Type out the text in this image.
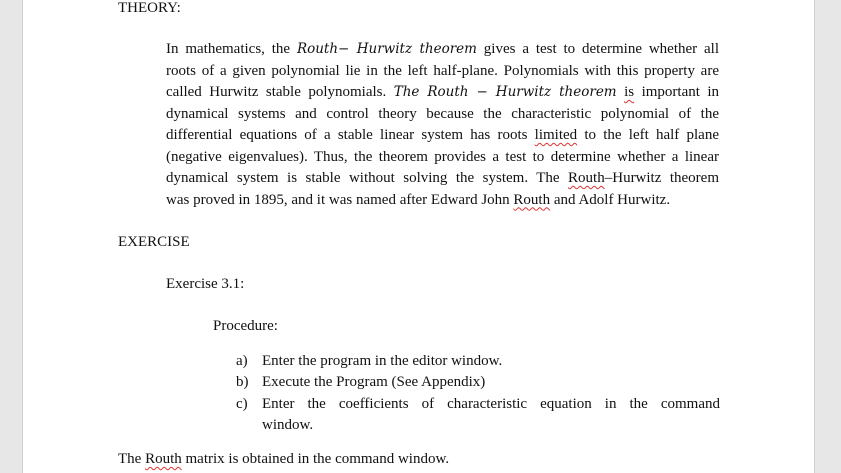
THEORY:
In mathematics, the Routh− Hurwitz theorem gives a test to determine whether all
roots of a given polynomial lie in the left half-plane. Polynomials with this property are
called Hurwitz stable polynomials. The Routh − Hurwitz theorem is important in
dynamical systems and control theory because the characteristic polynomial of the
differential equations of a stable linear system has roots limited to the left half plane
(negative eigenvalues). Thus, the theorem provides a test to determine whether a linear
dynamical system is stable without solving the system. The Routh–Hurwitz theorem
was proved in 1895, and it was named after Edward John Routh and Adolf Hurwitz.
EXERCISE
Exercise 3.1:
Procedure:
a) Enter the program in the editor window.
b) Execute the Program (See Appendix)
c) Enter the coefficients of characteristic equation in the command
window.
The Routh matrix is obtained in the command window.
